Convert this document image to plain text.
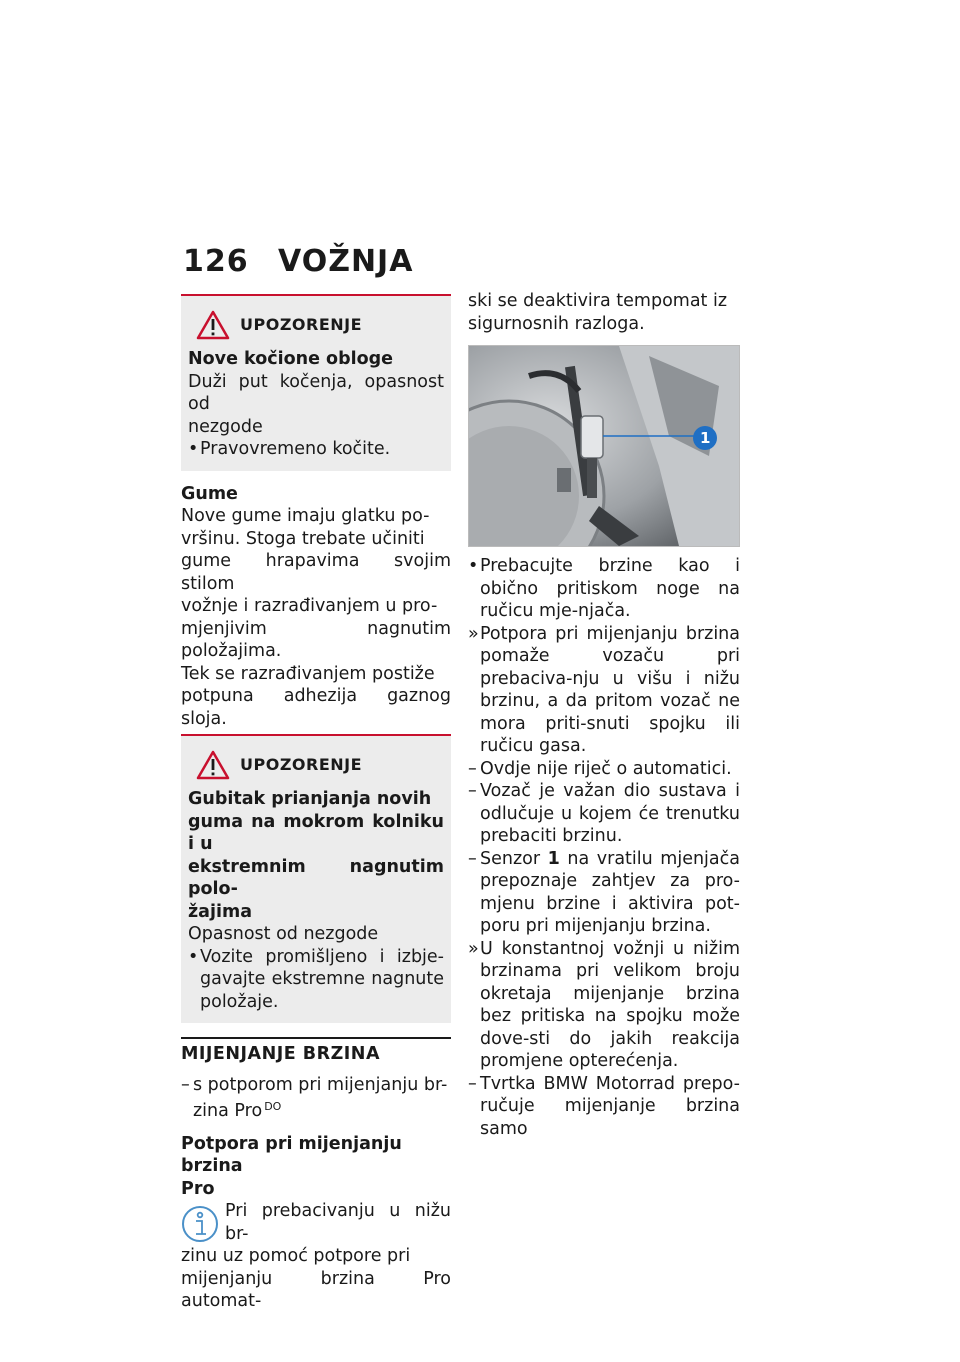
126 VOŽNJA
UPOZORENJE
Nove kočione obloge
Duži put kočenja, opasnost od
nezgode
• Pravovremeno kočite.
Gume
Nove gume imaju glatku po-
vršinu. Stoga trebate učiniti
gume hrapavima svojim stilom
vožnje i razrađivanjem u pro-
mjenjivim nagnutim položajima.
Tek se razrađivanjem postiže
potpuna adhezija gaznog sloja.
UPOZORENJE
Gubitak prianjanja novih
guma na mokrom kolniku i u
ekstremnim nagnutim polo-
žajima
Opasnost od nezgode
• Vozite promišljeno i izbje-gavajte ekstremne nagnute položaje.
MIJENJANJE BRZINA
– s potporom pri mijenjanju br-zina Pro $^{DO}$
Potpora pri mijenjanju brzina
Pro
Pri prebacivanju u nižu br-
zinu uz pomoć potpore pri
mijenjanju brzina Pro automat-
ski se deaktivira tempomat iz
sigurnosnih razloga.
1
• Prebacujte brzine kao i obično pritiskom noge na ručicu mje-njača.
» Potpora pri mijenjanju brzina pomaže vozaču pri prebaciva-nju u višu i nižu brzinu, a da pritom vozač ne mora priti-snuti spojku ili ručicu gasa.
– Ovdje nije riječ o automatici.
– Vozač je važan dio sustava i odlučuje u kojem će trenutku prebaciti brzinu.
– Senzor 1 na vratilu mjenjača prepoznaje zahtjev za pro-mjenu brzine i aktivira pot-poru pri mijenjanju brzina.
» U konstantnoj vožnji u nižim brzinama pri velikom broju okretaja mijenjanje brzina bez pritiska na spojku može dove-sti do jakih reakcija promjene opterećenja.
– Tvrtka BMW Motorrad prepo-ručuje mijenjanje brzina samo
